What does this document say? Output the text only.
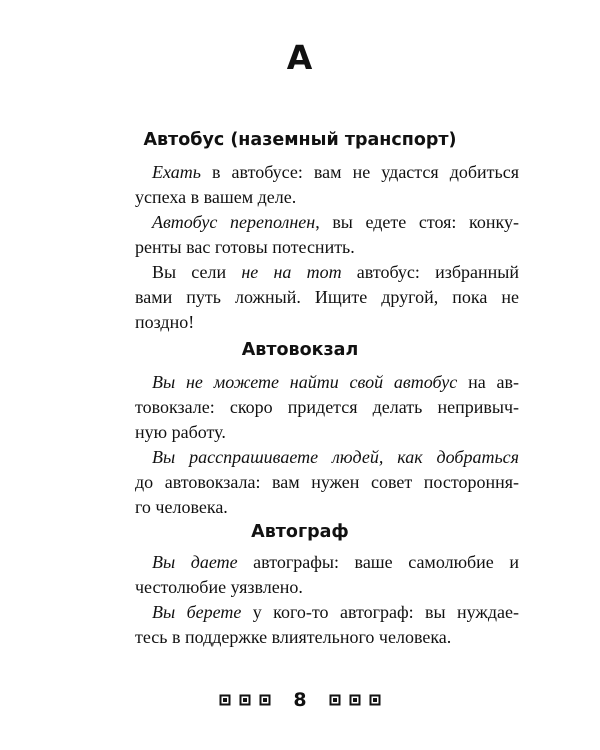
А
Автобус (наземный транспорт)
Ехать в автобусе: вам не удастся добиться
успеха в вашем деле.
Автобус переполнен, вы едете стоя: конку-
ренты вас готовы потеснить.
Вы сели не на тот автобус: избранный
вами путь ложный. Ищите другой, пока не
поздно!
Автовокзал
Вы не можете найти свой автобус на ав-
товокзале: скоро придется делать непривыч-
ную работу.
Вы расспрашиваете людей, как добраться
до автовокзала: вам нужен совет постороння-
го человека.
Автограф
Вы даете автографы: ваше самолюбие и
честолюбие уязвлено.
Вы берете у кого-то автограф: вы нуждае-
тесь в поддержке влиятельного человека.
8
